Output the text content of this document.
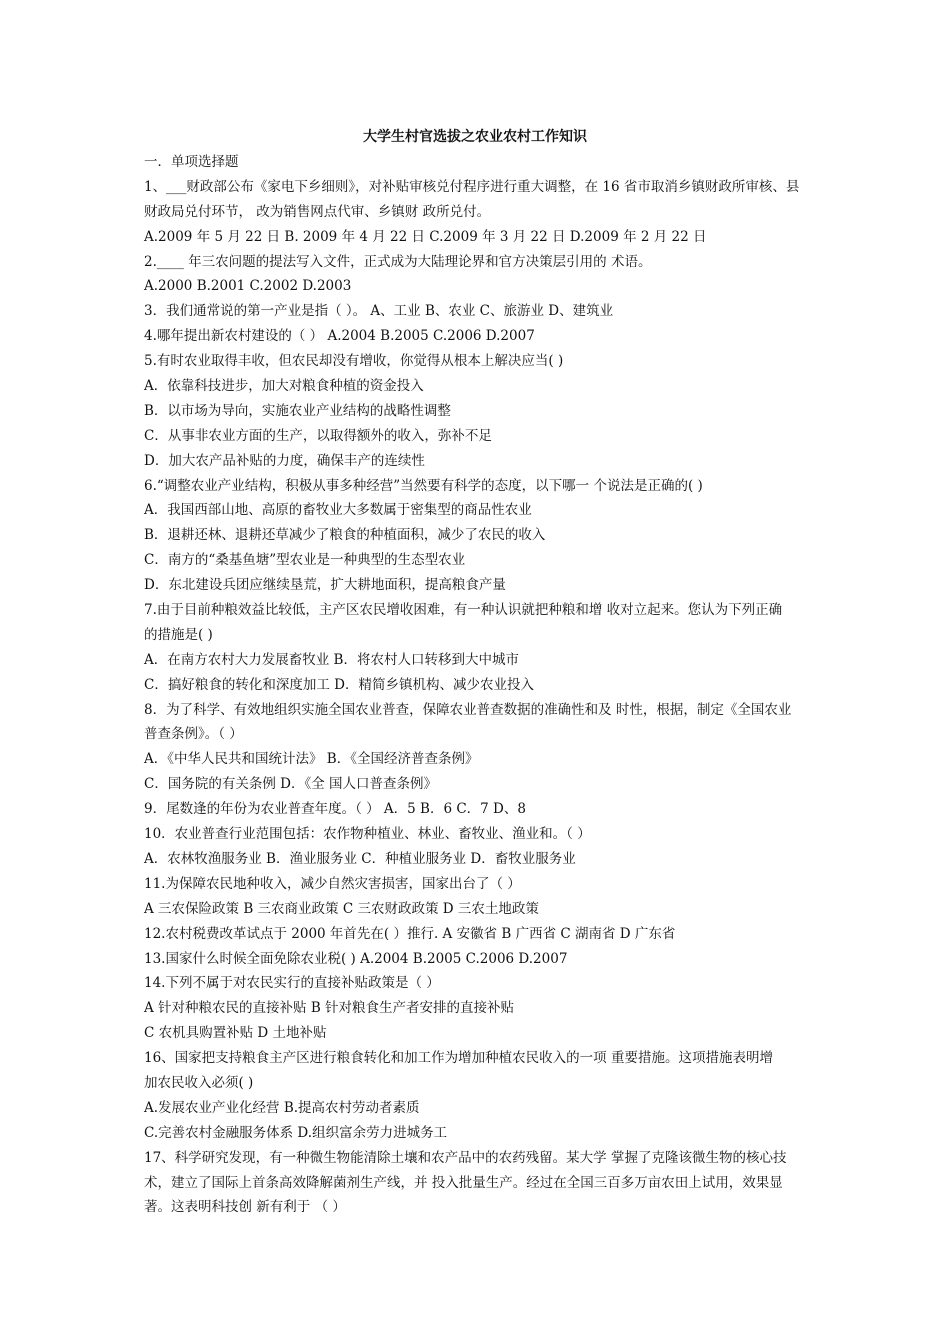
大学生村官选拔之农业农村工作知识
一．单项选择题
1、___财政部公布《家电下乡细则》，对补贴审核兑付程序进行重大调整，在 16 省市取消乡镇财政所审核、县
财政局兑付环节， 改为销售网点代审、乡镇财 政所兑付。
A.2009 年 5 月 22 日 B. 2009 年 4 月 22 日 C.2009 年 3 月 22 日 D.2009 年 2 月 22 日
2.____ 年三农问题的提法写入文件，正式成为大陆理论界和官方决策层引用的 术语。
A.2000 B.2001 C.2002 D.2003
3．我们通常说的第一产业是指（ ）。 A、工业 B、农业 C、旅游业 D、建筑业
4.哪年提出新农村建设的（ ） A.2004 B.2005 C.2006 D.2007
5.有时农业取得丰收，但农民却没有增收，你觉得从根本上解决应当( )
A．依靠科技进步，加大对粮食种植的资金投入
B．以市场为导向，实施农业产业结构的战略性调整
C．从事非农业方面的生产，以取得额外的收入，弥补不足
D．加大农产品补贴的力度，确保丰产的连续性
6.“调整农业产业结构，积极从事多种经营”当然要有科学的态度，以下哪一 个说法是正确的( )
A．我国西部山地、高原的畜牧业大多数属于密集型的商品性农业
B．退耕还林、退耕还草减少了粮食的种植面积，减少了农民的收入
C．南方的“桑基鱼塘”型农业是一种典型的生态型农业
D．东北建设兵团应继续垦荒，扩大耕地面积，提高粮食产量
7.由于目前种粮效益比较低，主产区农民增收困难，有一种认识就把种粮和增 收对立起来。您认为下列正确
的措施是( )
A．在南方农村大力发展畜牧业 B．将农村人口转移到大中城市
C．搞好粮食的转化和深度加工 D．精简乡镇机构、减少农业投入
8．为了科学、有效地组织实施全国农业普查，保障农业普查数据的准确性和及 时性，根据，制定《全国农业
普查条例》。（ ）
A．《中华人民共和国统计法》 B．《全国经济普查条例》
C．国务院的有关条例 D．《全 国人口普查条例》
9．尾数逢的年份为农业普查年度。（ ） A．5 B．6 C．7 D、8
10．农业普查行业范围包括：农作物种植业、林业、畜牧业、渔业和。（ ）
A．农林牧渔服务业 B．渔业服务业 C．种植业服务业 D．畜牧业服务业
11.为保障农民地种收入，减少自然灾害损害，国家出台了（ ）
A 三农保险政策 B 三农商业政策 C 三农财政政策 D 三农土地政策
12.农村税费改革试点于 2000 年首先在( ）推行. A 安徽省 B 广西省 C 湖南省 D 广东省
13.国家什么时候全面免除农业税( ) A.2004 B.2005 C.2006 D.2007
14.下列不属于对农民实行的直接补贴政策是（ ）
A 针对种粮农民的直接补贴 B 针对粮食生产者安排的直接补贴
C 农机具购置补贴 D 土地补贴
16、国家把支持粮食主产区进行粮食转化和加工作为增加种植农民收入的一项 重要措施。这项措施表明增
加农民收入必须( )
A.发展农业产业化经营 B.提高农村劳动者素质
C.完善农村金融服务体系 D.组织富余劳力进城务工
17、科学研究发现，有一种微生物能清除土壤和农产品中的农药残留。某大学 掌握了克隆该微生物的核心技
术，建立了国际上首条高效降解菌剂生产线，并 投入批量生产。经过在全国三百多万亩农田上试用，效果显
著。这表明科技创 新有利于 （ ）
